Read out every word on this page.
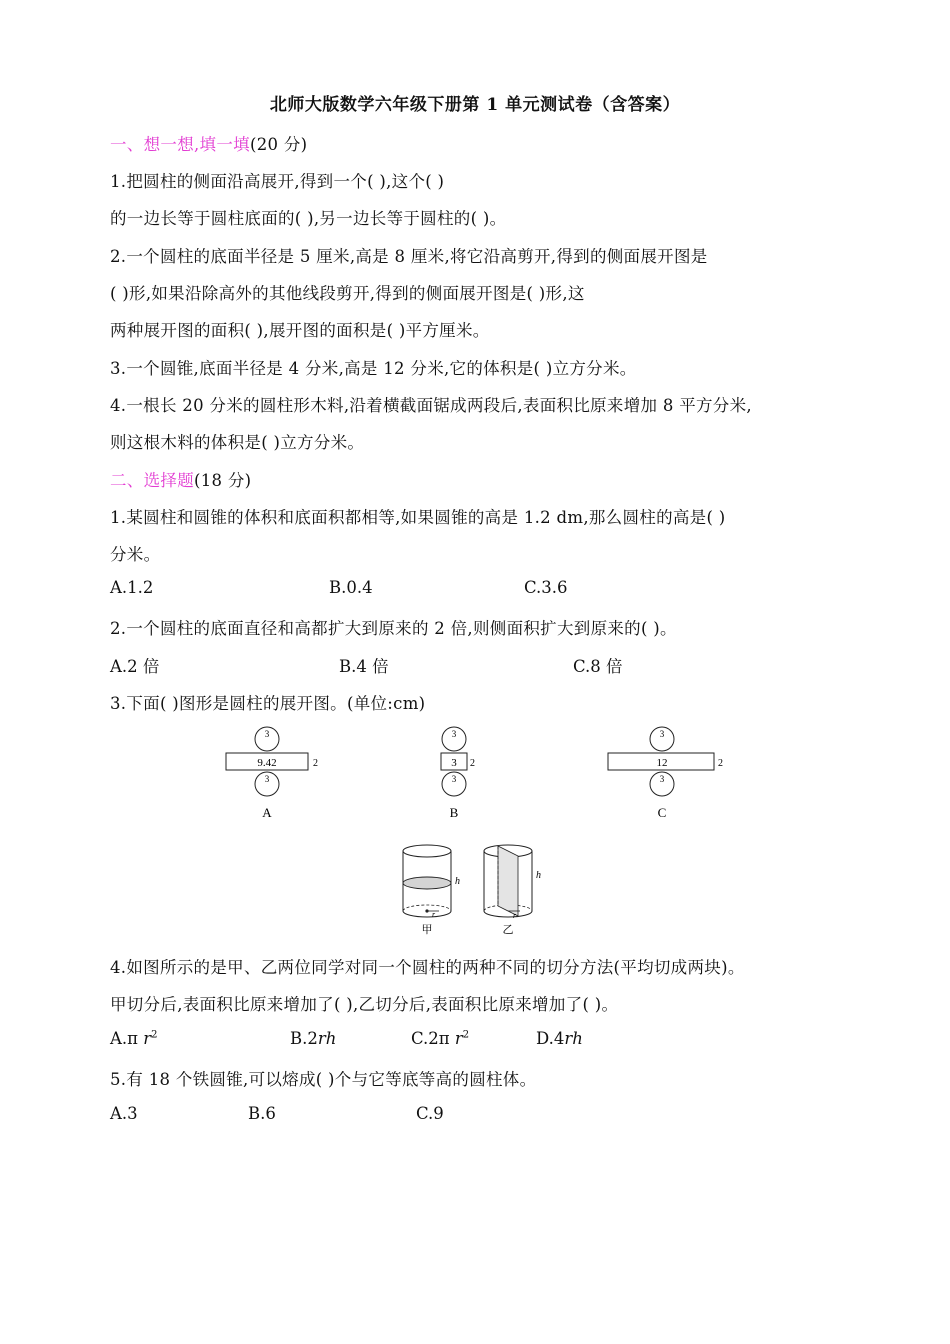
北师大版数学六年级下册第 1 单元测试卷（含答案）
一、想一想,填一填(20 分)
1.把圆柱的侧面沿高展开,得到一个( ),这个( )
的一边长等于圆柱底面的( ),另一边长等于圆柱的( )。
2.一个圆柱的底面半径是 5 厘米,高是 8 厘米,将它沿高剪开,得到的侧面展开图是
( )形,如果沿除高外的其他线段剪开,得到的侧面展开图是( )形,这
两种展开图的面积( ),展开图的面积是( )平方厘米。
3.一个圆锥,底面半径是 4 分米,高是 12 分米,它的体积是( )立方分米。
4.一根长 20 分米的圆柱形木料,沿着横截面锯成两段后,表面积比原来增加 8 平方分米,
则这根木料的体积是( )立方分米。
二、选择题(18 分)
1.某圆柱和圆锥的体积和底面积都相等,如果圆锥的高是 1.2 dm,那么圆柱的高是( )
分米。
A.1.2	B.0.4	C.3.6
2.一个圆柱的底面直径和高都扩大到原来的 2 倍,则侧面积扩大到原来的( )。
A.2 倍	B.4 倍	C.8 倍
3.下面( )图形是圆柱的展开图。(单位:cm)
3
9.42	2
3
A
3
3 2
3
B
3
12	2
3
C
r
h
甲
r
h
乙
4.如图所示的是甲、乙两位同学对同一个圆柱的两种不同的切分方法(平均切成两块)。
甲切分后,表面积比原来增加了( ),乙切分后,表面积比原来增加了( )。
A.π $r^2$	B.2rh	C.2π $r^2$	D.4rh
5.有 18 个铁圆锥,可以熔成( )个与它等底等高的圆柱体。
A.3	B.6	C.9
